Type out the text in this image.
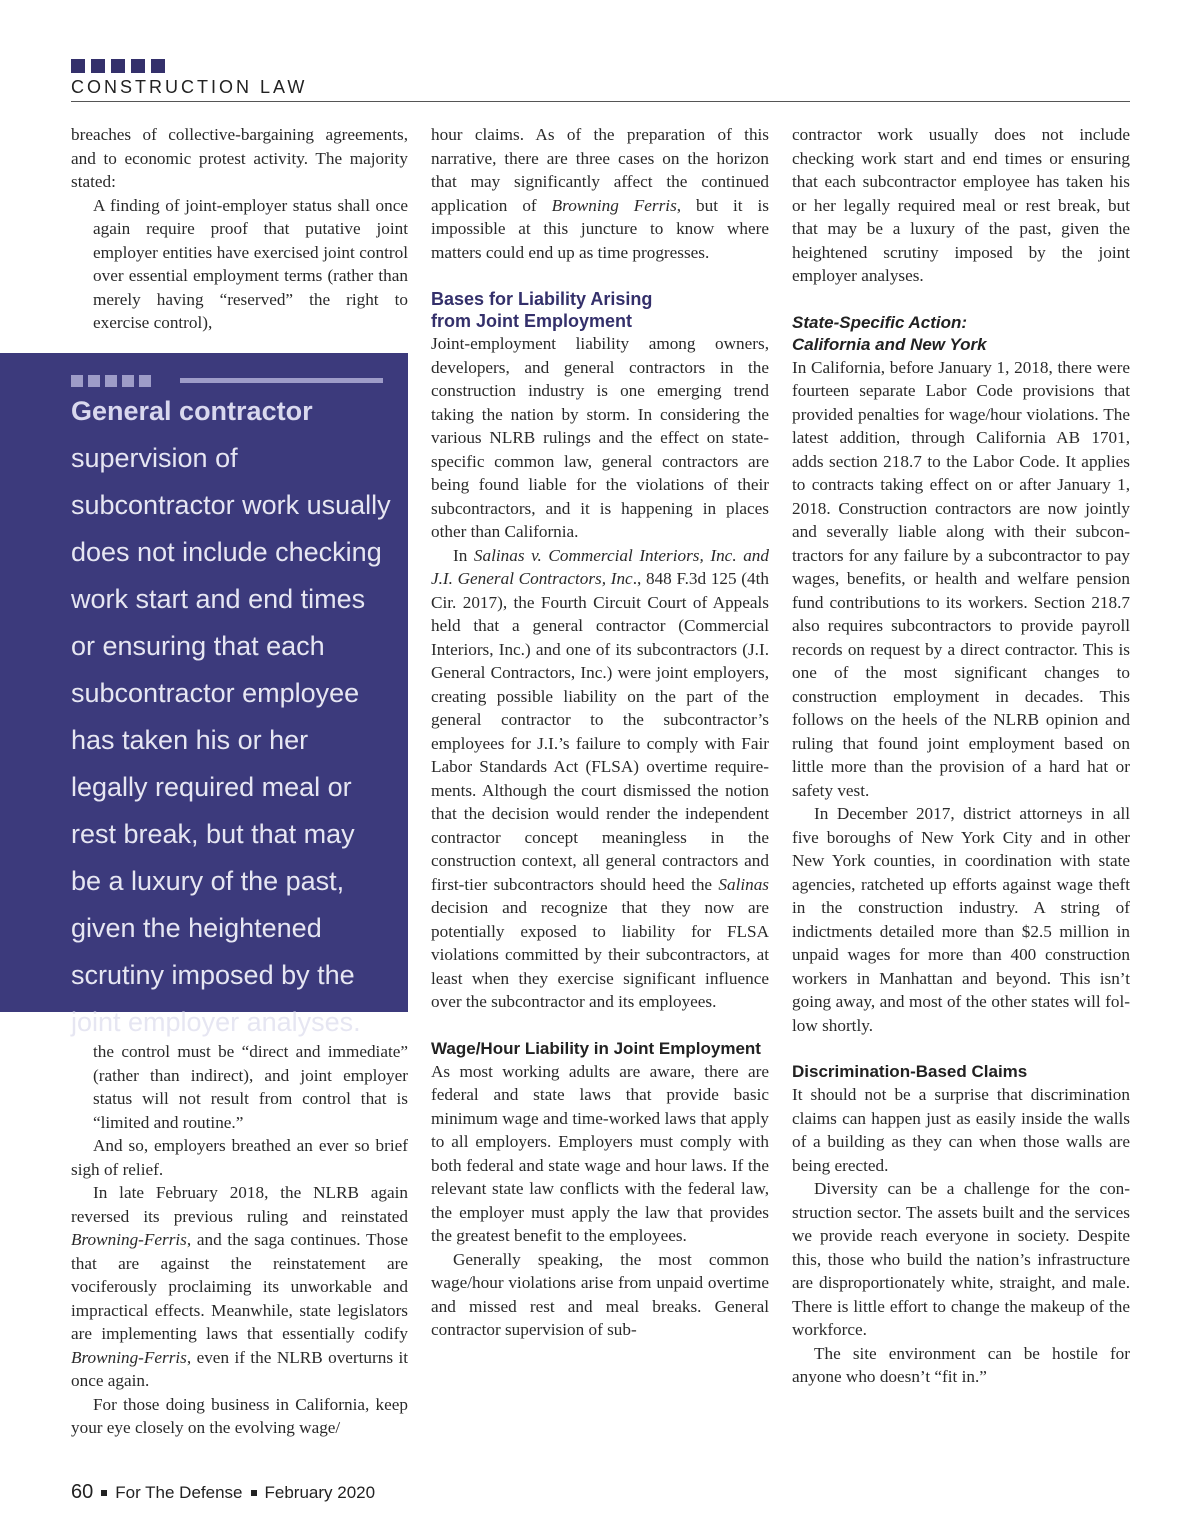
CONSTRUCTION LAW

breaches of collective-bargaining agreements, and to economic protest activity. The majority stated:

A finding of joint-employer status shall once again require proof that putative joint employer entities have exercised joint control over essential employment terms (rather than merely having “reserved” the right to exercise control),

General contractor
supervision of subcontractor work usually does not include checking work start and end times or ensuring that each subcontractor employee has taken his or her legally required meal or rest break, but that may be a luxury of the past, given the heightened scrutiny imposed by the joint employer analyses.

the control must be “direct and immediate” (rather than indirect), and joint employer status will not result from control that is “limited and routine.”

And so, employers breathed an ever so brief sigh of relief.

In late February 2018, the NLRB again reversed its previous ruling and reinstated Browning-Ferris, and the saga continues. Those that are against the reinstatement are vociferously proclaiming its unworkable and impractical effects. Meanwhile, state legislators are implementing laws that essentially codify Browning-Ferris, even if the NLRB overturns it once again.

For those doing business in California, keep your eye closely on the evolving wage/

hour claims. As of the preparation of this narrative, there are three cases on the horizon that may significantly affect the continued application of Browning Ferris, but it is impossible at this juncture to know where matters could end up as time progresses.

Bases for Liability Arising
from Joint Employment

Joint-employment liability among owners, developers, and general contractors in the construction industry is one emerging trend taking the nation by storm. In considering the various NLRB rulings and the effect on state-specific common law, general contractors are being found liable for the violations of their subcontractors, and it is happening in places other than California.

In Salinas v. Commercial Interiors, Inc. and J.I. General Contractors, Inc., 848 F.3d 125 (4th Cir. 2017), the Fourth Circuit Court of Appeals held that a general contractor (Commercial Interiors, Inc.) and one of its subcontractors (J.I. General Contractors, Inc.) were joint employers, creating possible liability on the part of the general contractor to the subcontractor’s employees for J.I.’s failure to comply with Fair Labor Standards Act (FLSA) overtime requirements. Although the court dismissed the notion that the decision would render the independent contractor concept meaningless in the construction context, all general contractors and first-tier subcontractors should heed the Salinas decision and recognize that they now are potentially exposed to liability for FLSA violations committed by their subcontractors, at least when they exercise significant influence over the subcontractor and its employees.

Wage/Hour Liability in Joint Employment

As most working adults are aware, there are federal and state laws that provide basic minimum wage and time-worked laws that apply to all employers. Employers must comply with both federal and state wage and hour laws. If the relevant state law conflicts with the federal law, the employer must apply the law that provides the greatest benefit to the employees.

Generally speaking, the most common wage/hour violations arise from unpaid overtime and missed rest and meal breaks. General contractor supervision of sub-

contractor work usually does not include checking work start and end times or ensuring that each subcontractor employee has taken his or her legally required meal or rest break, but that may be a luxury of the past, given the heightened scrutiny imposed by the joint employer analyses.

State-Specific Action:
California and New York

In California, before January 1, 2018, there were fourteen separate Labor Code provisions that provided penalties for wage/hour violations. The latest addition, through California AB 1701, adds section 218.7 to the Labor Code. It applies to contracts taking effect on or after January 1, 2018. Construction contractors are now jointly and severally liable along with their subcontractors for any failure by a subcontractor to pay wages, benefits, or health and welfare pension fund contributions to its workers. Section 218.7 also requires subcontractors to provide payroll records on request by a direct contractor. This is one of the most significant changes to construction employment in decades. This follows on the heels of the NLRB opinion and ruling that found joint employment based on little more than the provision of a hard hat or safety vest.

In December 2017, district attorneys in all five boroughs of New York City and in other New York counties, in coordination with state agencies, ratcheted up efforts against wage theft in the construction industry. A string of indictments detailed more than $2.5 million in unpaid wages for more than 400 construction workers in Manhattan and beyond. This isn’t going away, and most of the other states will follow shortly.

Discrimination-Based Claims

It should not be a surprise that discrimination claims can happen just as easily inside the walls of a building as they can when those walls are being erected.

Diversity can be a challenge for the construction sector. The assets built and the services we provide reach everyone in society. Despite this, those who build the nation’s infrastructure are disproportionately white, straight, and male. There is little effort to change the makeup of the workforce.

The site environment can be hostile for anyone who doesn’t “fit in.”

60 For The Defense February 2020
